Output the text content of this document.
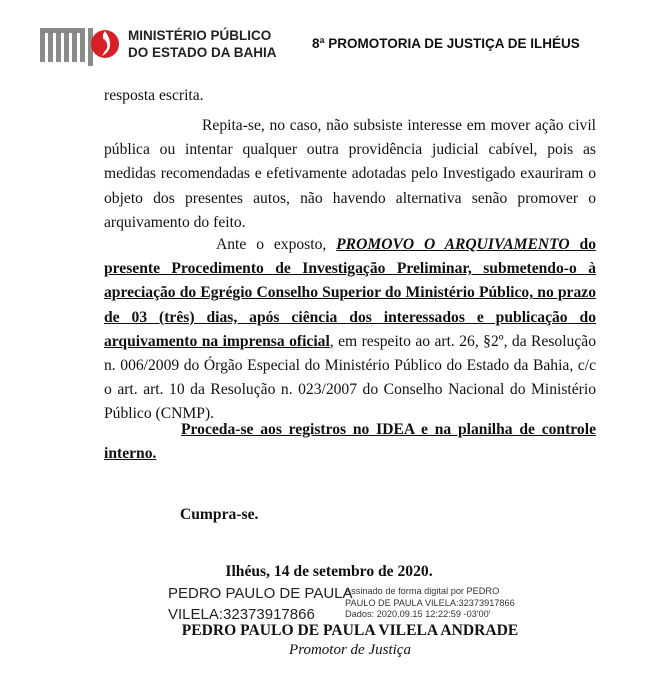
MINISTÉRIO PÚBLICO
DO ESTADO DA BAHIA
8ª PROMOTORIA DE JUSTIÇA DE ILHÉUS
resposta escrita.
Repita-se, no caso, não subsiste interesse em mover ação civil pública ou intentar qualquer outra providência judicial cabível, pois as medidas recomendadas e efetivamente adotadas pelo Investigado exauriram o objeto dos presentes autos, não havendo alternativa senão promover o arquivamento do feito.
Ante o exposto, PROMOVO O ARQUIVAMENTO do presente Procedimento de Investigação Preliminar, submetendo-o à apreciação do Egrégio Conselho Superior do Ministério Público, no prazo de 03 (três) dias, após ciência dos interessados e publicação do arquivamento na imprensa oficial, em respeito ao art. 26, §2º, da Resolução n. 006/2009 do Órgão Especial do Ministério Público do Estado da Bahia, c/c o art. art. 10 da Resolução n. 023/2007 do Conselho Nacional do Ministério Público (CNMP).
Proceda-se aos registros no IDEA e na planilha de controle interno.
Cumpra-se.
Ilhéus, 14 de setembro de 2020.
PEDRO PAULO DE PAULA
VILELA:32373917866
Assinado de forma digital por PEDRO
PAULO DE PAULA VILELA:32373917866
Dados: 2020.09.15 12:22:59 -03'00'
PEDRO PAULO DE PAULA VILELA ANDRADE
Promotor de Justiça
